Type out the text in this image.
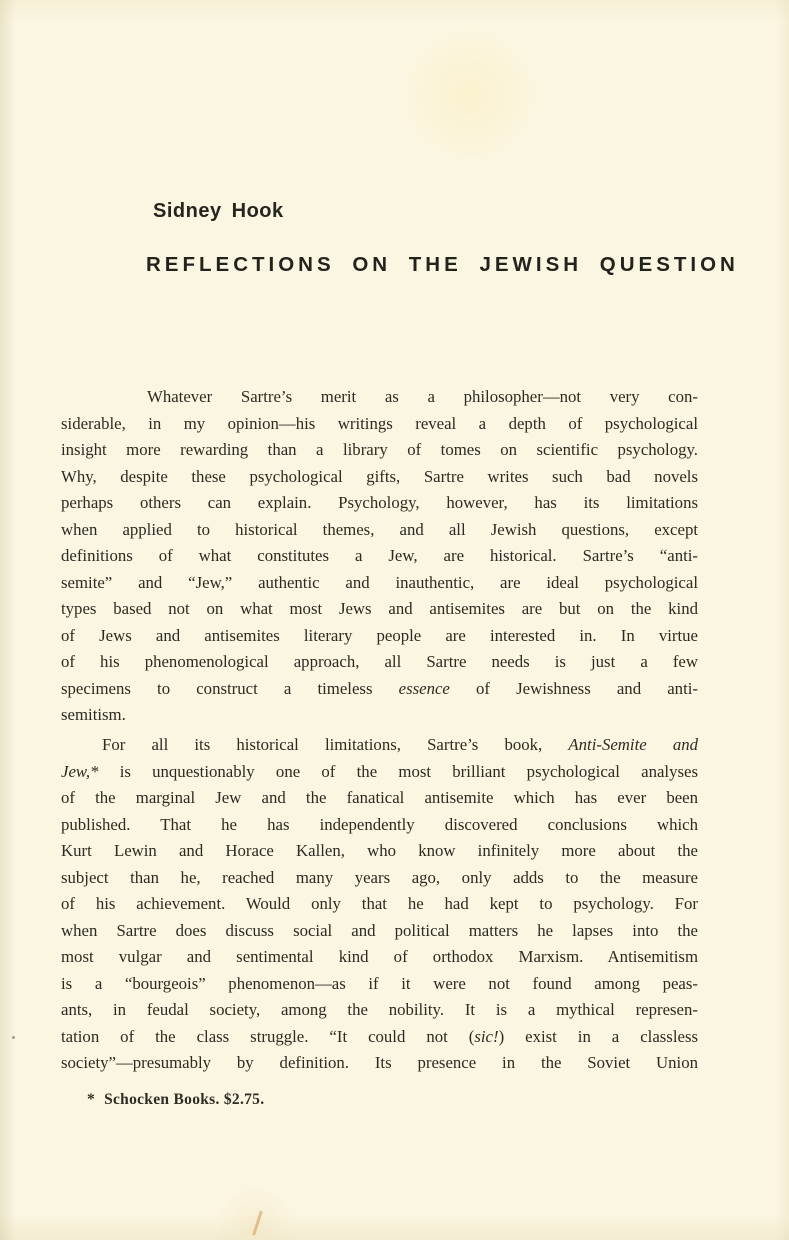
Sidney Hook
REFLECTIONS ON THE JEWISH QUESTION
Whatever Sartre’s merit as a philosopher—not very con-
siderable, in my opinion—his writings reveal a depth of psychological
insight more rewarding than a library of tomes on scientific psychology.
Why, despite these psychological gifts, Sartre writes such bad novels
perhaps others can explain. Psychology, however, has its limitations
when applied to historical themes, and all Jewish questions, except
definitions of what constitutes a Jew, are historical. Sartre’s “anti-
semite” and “Jew,” authentic and inauthentic, are ideal psychological
types based not on what most Jews and antisemites are but on the kind
of Jews and antisemites literary people are interested in. In virtue
of his phenomenological approach, all Sartre needs is just a few
specimens to construct a timeless essence of Jewishness and anti-
semitism.
For all its historical limitations, Sartre’s book, Anti-Semite and
Jew,* is unquestionably one of the most brilliant psychological analyses
of the marginal Jew and the fanatical antisemite which has ever been
published. That he has independently discovered conclusions which
Kurt Lewin and Horace Kallen, who know infinitely more about the
subject than he, reached many years ago, only adds to the measure
of his achievement. Would only that he had kept to psychology. For
when Sartre does discuss social and political matters he lapses into the
most vulgar and sentimental kind of orthodox Marxism. Antisemitism
is a “bourgeois” phenomenon—as if it were not found among peas-
ants, in feudal society, among the nobility. It is a mythical represen-
tation of the class struggle. “It could not (sic!) exist in a classless
society”—presumably by definition. Its presence in the Soviet Union
* Schocken Books. $2.75.
